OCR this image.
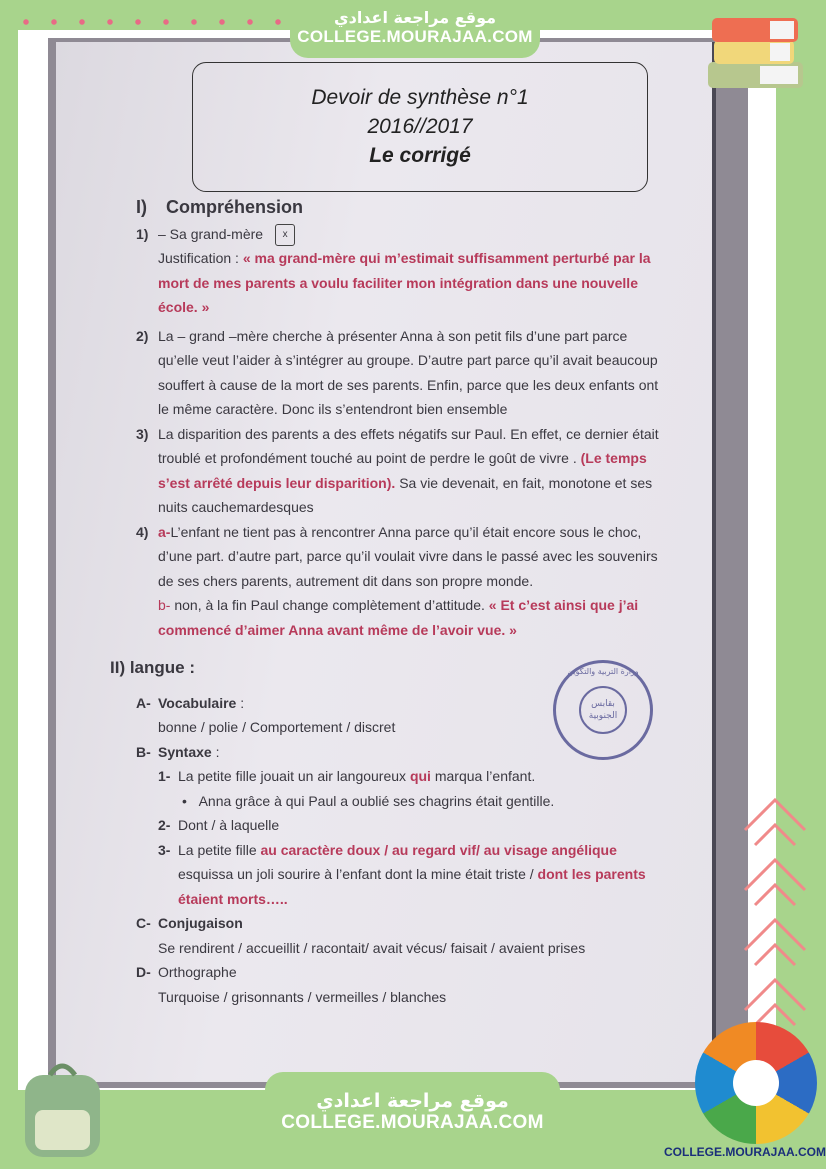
موقع مراجعة اعدادي
COLLEGE.MOURAJAA.COM
Devoir de synthèse n°1
2016//2017
Le corrigé
I) Compréhension
1) – Sa grand-mère x
Justification : « ma grand-mère qui m’estimait suffisamment perturbé par la mort de mes parents a voulu faciliter mon intégration dans une nouvelle école. »
2) La – grand –mère cherche à présenter Anna à son petit fils d’une part parce qu’elle veut l’aider à s’intégrer au groupe. D’autre part parce qu’il avait beaucoup souffert à cause de la mort de ses parents. Enfin, parce que les deux enfants ont le même caractère. Donc ils s’entendront bien ensemble
3) La disparition des parents a des effets négatifs sur Paul. En effet, ce dernier était troublé et profondément touché au point de perdre le goût de vivre . (Le temps s’est arrêté depuis leur disparition). Sa vie devenait, en fait, monotone et ses nuits cauchemardesques
4) a-L’enfant ne tient pas à rencontrer Anna parce qu’il était encore sous le choc, d’une part. d’autre part, parce qu’il voulait vivre dans le passé avec les souvenirs de ses chers parents, autrement dit dans son propre monde.
b- non, à la fin Paul change complètement d’attitude. « Et c’est ainsi que j’ai commencé d’aimer Anna avant même de l’avoir vue. »
II) langue :
A- Vocabulaire :
bonne / polie / Comportement / discret
B- Syntaxe :
1- La petite fille jouait un air langoureux qui marqua l’enfant.
•   Anna grâce à qui Paul a oublié ses chagrins était gentille.
2- Dont / à laquelle
3- La petite fille au caractère doux / au regard vif/ au visage angélique esquissa un joli sourire à l’enfant dont la mine était triste / dont les parents étaient morts…..
C- Conjugaison
Se rendirent / accueillit / racontait/ avait vécus/ faisait / avaient prises
D- Orthographe
Turquoise / grisonnants / vermeilles / blanches
بقابس الجنوبية
وزارة التربية والتكوين
موقع مراجعة اعدادي
COLLEGE.MOURAJAA.COM
COLLEGE.MOURAJAA.COM
